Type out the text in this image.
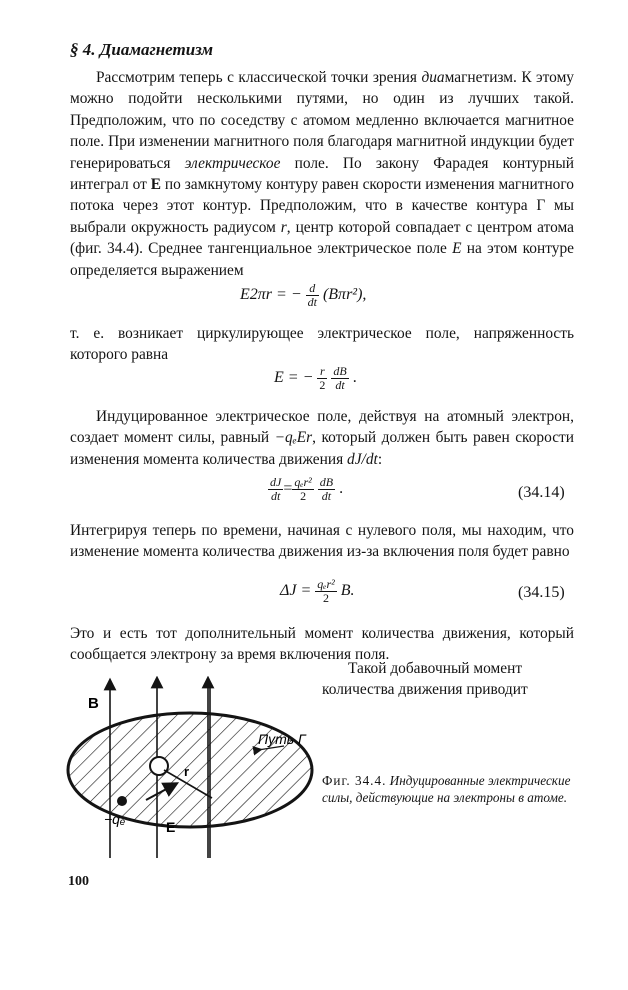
§ 4. Диамагнетизм
Рассмотрим теперь с классической точки зрения диамагнетизм. К этому можно подойти несколькими путями, но один из лучших такой. Предположим, что по соседству с атомом медленно включается магнитное поле. При изменении магнитного поля благодаря магнитной индукции будет генерироваться электрическое поле. По закону Фарадея контурный интеграл от E по замкнутому контуру равен скорости изменения магнитного потока через этот контур. Предположим, что в качестве контура Г мы выбрали окружность радиусом r, центр которой совпадает с центром атома (фиг. 34.4). Среднее тангенциальное электрическое поле E на этом контуре определяется выражением
E2πr = − $\frac{d}{dt} (B\pi r^2)$,
т. е. возникает циркулирующее электрическое поле, напряженность которого равна
E = − $\frac{r}{2}$
$\frac{dB}{dt}$ .
Индуцированное электрическое поле, действуя на атомный электрон, создает момент силы, равный −qₑEr, который должен быть равен скорости изменения момента количества движения dJ/dt:
$\frac{dJ}{dt} = \frac{\text{qₑr²}}{2}$
$\frac{dB}{dt}$ .	(34.14)
Интегрируя теперь по времени, начиная с нулевого поля, мы находим, что изменение момента количества движения из-за включения поля будет равно
$\Delta J = \frac{\text{qₑr²}}{2} B$.	(34.15)
Это и есть тот дополнительный момент количества движения, который сообщается электрону за время включения поля.
Такой добавочный момент
количества движения приводит
B
Путь Г
r
−qₑ	E
Фиг. 34.4. Индуцированные электрические силы, действующие на электроны в атоме.
100
